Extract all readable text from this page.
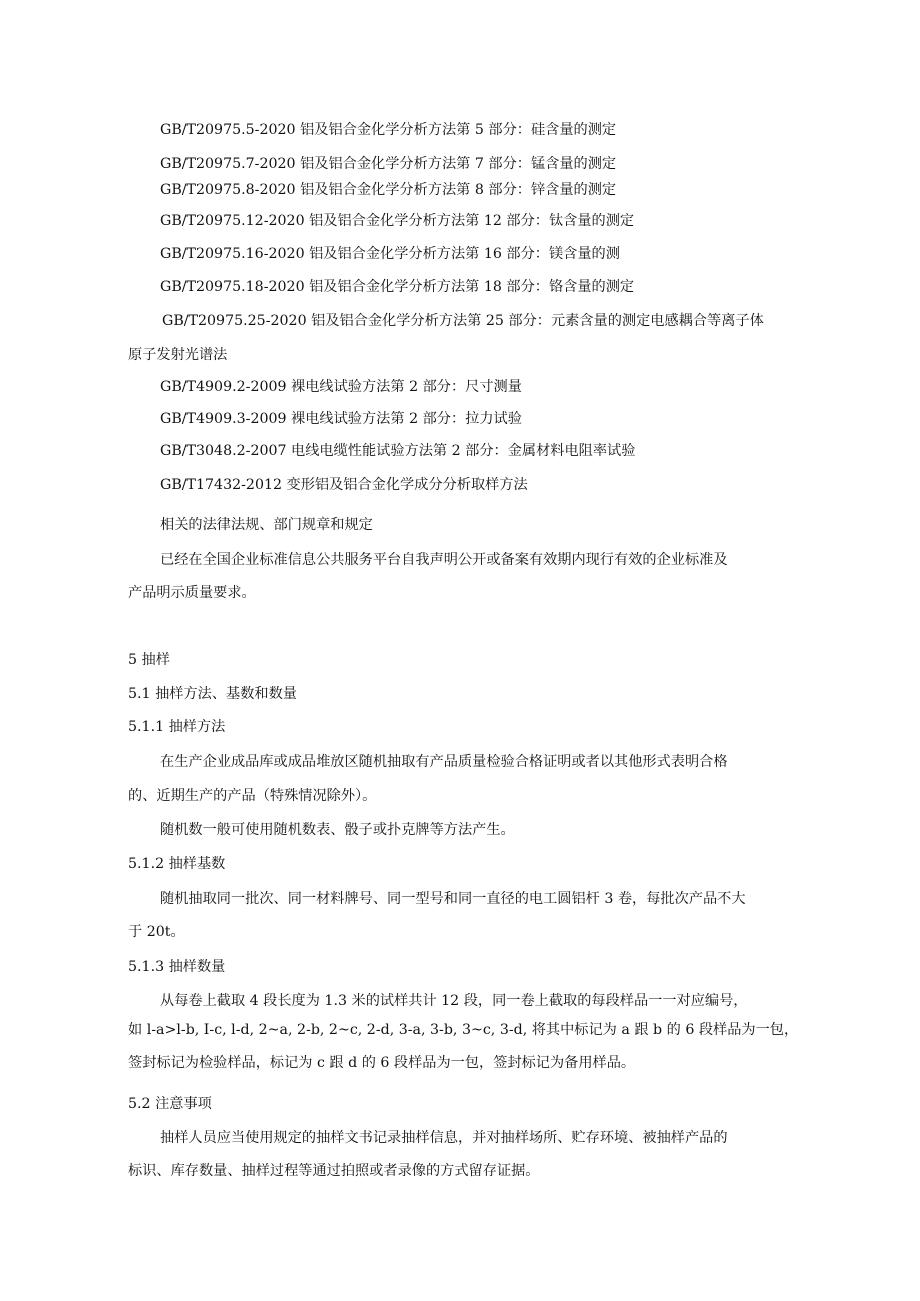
GB/T20975.5-2020 铝及铝合金化学分析方法第 5 部分：硅含量的测定

GB/T20975.7-2020 铝及铝合金化学分析方法第 7 部分：锰含量的测定

GB/T20975.8-2020 铝及铝合金化学分析方法第 8 部分：锌含量的测定

GB/T20975.12-2020 铝及铝合金化学分析方法第 12 部分：钛含量的测定

GB/T20975.16-2020 铝及铝合金化学分析方法第 16 部分：镁含量的测

GB/T20975.18-2020 铝及铝合金化学分析方法第 18 部分：铬含量的测定

GB/T20975.25-2020 铝及铝合金化学分析方法第 25 部分：元素含量的测定电感耦合等离子体

原子发射光谱法

GB/T4909.2-2009 裸电线试验方法第 2 部分：尺寸测量

GB/T4909.3-2009 裸电线试验方法第 2 部分：拉力试验

GB/T3048.2-2007 电线电缆性能试验方法第 2 部分：金属材料电阻率试验

GB/T17432-2012 变形铝及铝合金化学成分分析取样方法

相关的法律法规、部门规章和规定

已经在全国企业标准信息公共服务平台自我声明公开或备案有效期内现行有效的企业标准及

产品明示质量要求。

5 抽样

5.1 抽样方法、基数和数量

5.1.1 抽样方法

在生产企业成品库或成品堆放区随机抽取有产品质量检验合格证明或者以其他形式表明合格

的、近期生产的产品（特殊情况除外）。

随机数一般可使用随机数表、骰子或扑克牌等方法产生。

5.1.2 抽样基数

随机抽取同一批次、同一材料牌号、同一型号和同一直径的电工圆铝杆 3 卷，每批次产品不大

于 20t。

5.1.3 抽样数量

从每卷上截取 4 段长度为 1.3 米的试样共计 12 段，同一卷上截取的每段样品一一对应编号，

如 l-a>l-b, I-c, l-d, 2~a, 2-b, 2~c, 2-d, 3-a, 3-b, 3~c, 3-d, 将其中标记为 a 跟 b 的 6 段样品为一包，

签封标记为检验样品，标记为 c 跟 d 的 6 段样品为一包，签封标记为备用样品。

5.2 注意事项

抽样人员应当使用规定的抽样文书记录抽样信息，并对抽样场所、贮存环境、被抽样产品的

标识、库存数量、抽样过程等通过拍照或者录像的方式留存证据。
